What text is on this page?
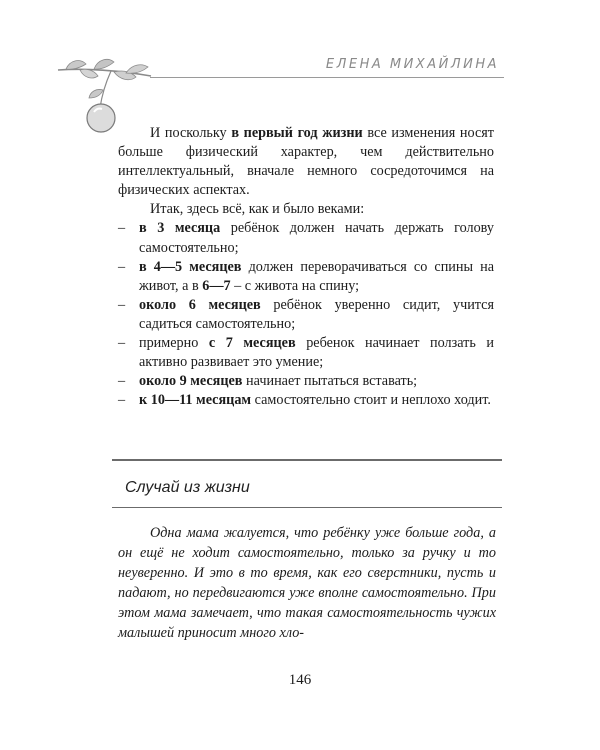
ЕЛЕНА МИХАЙЛИНА

И поскольку в первый год жизни все изменения носят больше физический характер, чем действительно интеллектуальный, вначале немного сосредоточимся на физических аспектах.

Итак, здесь всё, как и было веками:

– в 3 месяца ребёнок должен начать держать голову самостоятельно;
– в 4—5 месяцев должен переворачиваться со спины на живот, а в 6—7 – с живота на спину;
– около 6 месяцев ребёнок уверенно сидит, учится садиться самостоятельно;
– примерно с 7 месяцев ребенок начинает ползать и активно развивает это умение;
– около 9 месяцев начинает пытаться вставать;
– к 10—11 месяцам самостоятельно стоит и неплохо ходит.
Случай из жизни

Одна мама жалуется, что ребёнку уже больше года, а он ещё не ходит самостоятельно, только за ручку и то неуверенно. И это в то время, как его сверстники, пусть и падают, но передвигаются уже вполне самостоятельно. При этом мама замечает, что такая самостоятельность чужих малышей приносит много хло-

146
